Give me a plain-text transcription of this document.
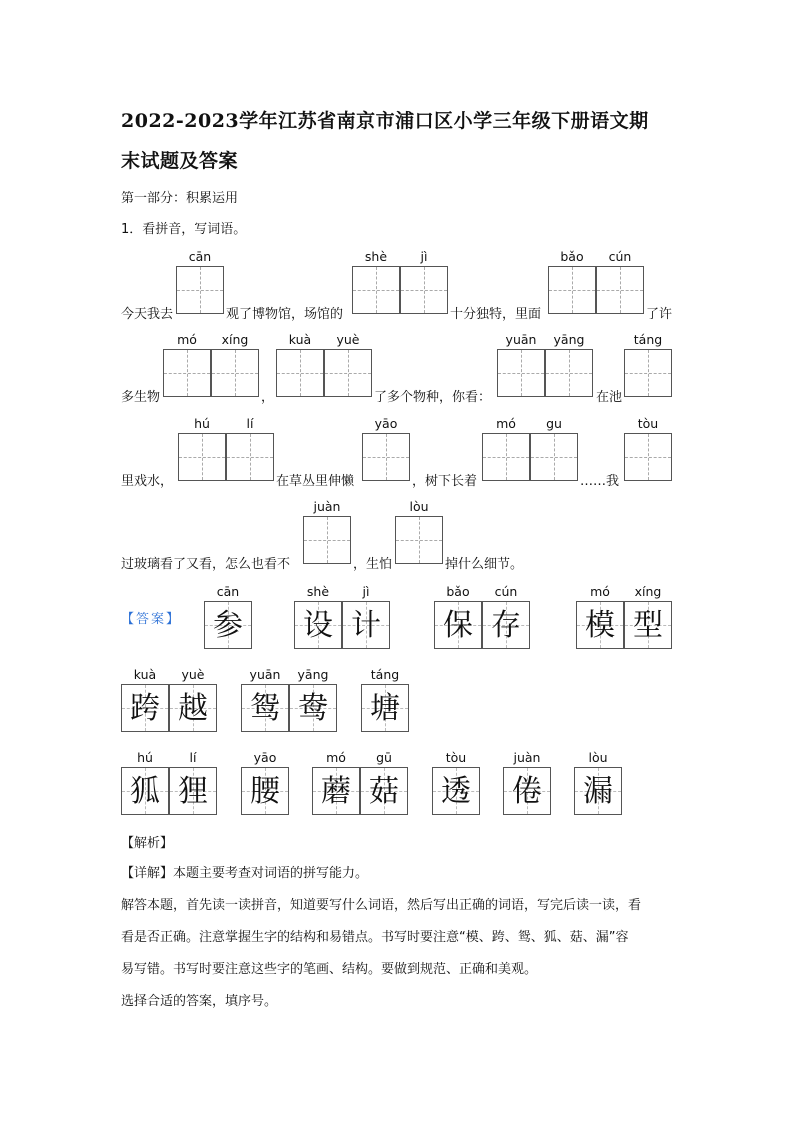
2022-2023学年江苏省南京市浦口区小学三年级下册语文期
末试题及答案
第一部分：积累运用
1．看拼音，写词语。
cān	shè	jì	bǎo	cún
今天我去	观了博物馆，场馆的	十分独特，里面	了许
mó	xíng	kuà	yuè	yuān	yāng	táng
多生物	，	了多个物种，你看：	在池
hú	lí	yāo	mó	gu	tòu
里戏水，	在草丛里伸懒	，树下长着	……我
juàn	lòu
过玻璃看了又看，怎么也看不	，生怕	掉什么细节。
【答案】
cān
参
shè
设
jì
计
bǎo
保
cún
存
mó
模
xíng
型
kuà
跨
yuè
越
yuān
鸳
yāng
鸯
táng
塘
hú
狐
lí
狸
yāo
腰
mó
蘑
gū
菇
tòu
透
juàn
倦
lòu
漏
【解析】
【详解】本题主要考查对词语的拼写能力。
解答本题，首先读一读拼音，知道要写什么词语，然后写出正确的词语，写完后读一读，看
看是否正确。注意掌握生字的结构和易错点。书写时要注意“模、跨、鸳、狐、菇、漏”容
易写错。书写时要注意这些字的笔画、结构。要做到规范、正确和美观。
选择合适的答案，填序号。
